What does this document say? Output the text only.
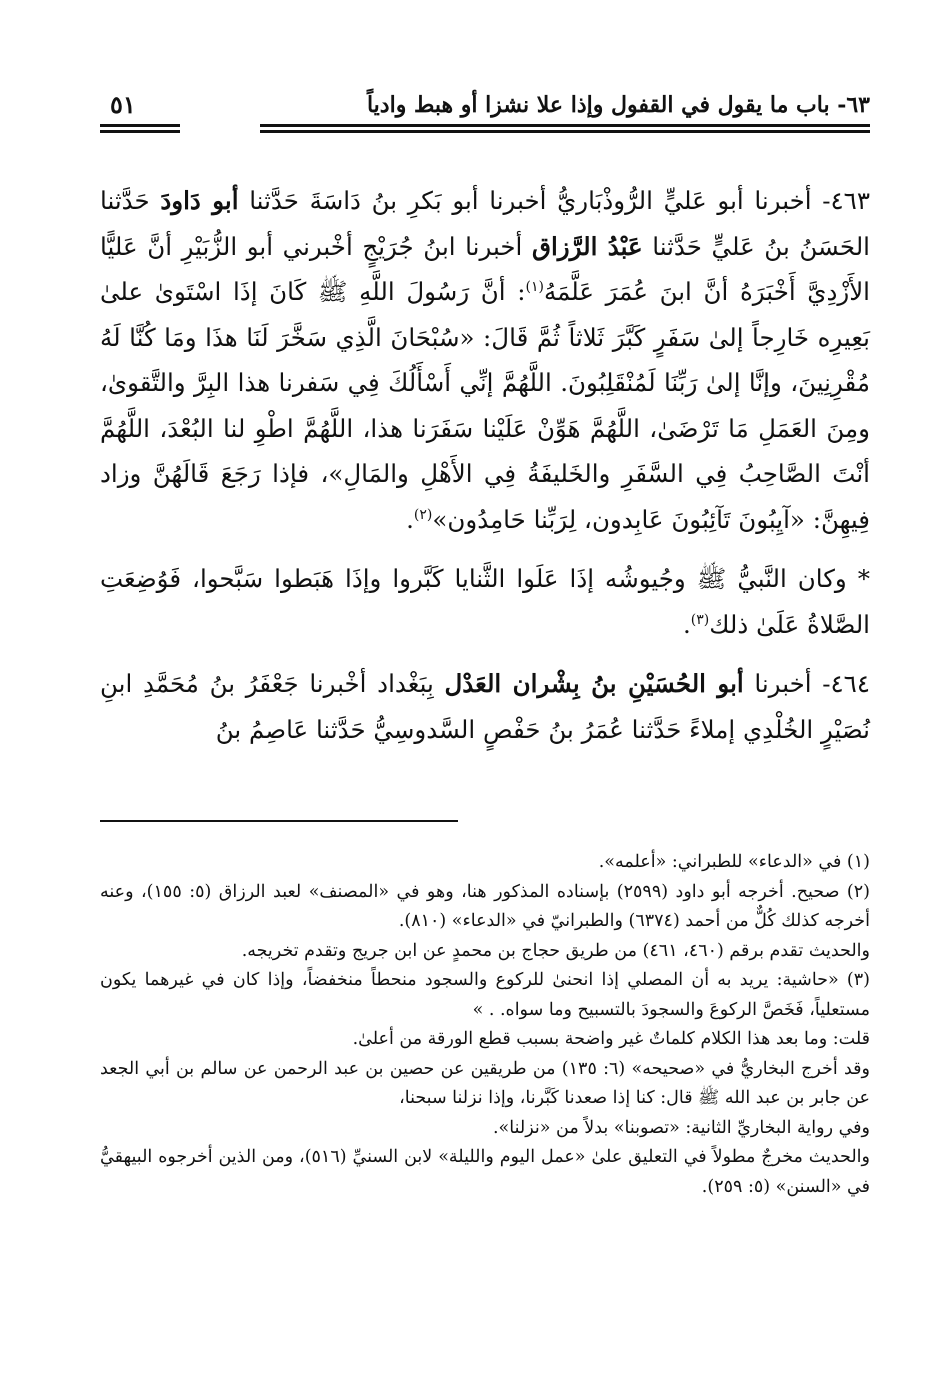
٦٣- باب ما يقول في القفول وإذا علا نشزا أو هبط وادياً
٥١

٤٦٣- أخبرنا أبو عَليٍّ الرُّوذْبَاريُّ أخبرنا أبو بَكرِ بنُ دَاسَةَ حَدَّثنا أبو دَاودَ حَدَّثنا الحَسَنُ بنُ عَليٍّ حَدَّثنا عَبْدُ الرَّزاق أخبرنا ابنُ جُرَيْجٍ أخْبرني أبو الزُّبَيْرِ أنَّ عَليًّا الأَزْدِيَّ أَخْبَرَهُ أنَّ ابنَ عُمَرَ عَلَّمَهُ$^{(١)}$: أنَّ رَسُولَ اللَّهِ ﷺ كَانَ إذَا اسْتَوىٰ علىٰ بَعِيرِه خَارِجاً إلىٰ سَفَرٍ كَبَّرَ ثَلاثاً ثُمَّ قَالَ: «سُبْحَانَ الَّذِي سَخَّرَ لَنَا هذَا ومَا كُنَّا لَهُ مُقْرِنِينَ، وإنَّا إلىٰ رَبِّنَا لَمُنْقَلِبُونَ. اللَّهُمَّ إنِّي أَسْأَلُكَ فِي سَفرنا هذا البِرَّ والتَّقوىٰ، ومِنَ العَمَلِ مَا تَرْضَىٰ، اللَّهُمَّ هَوِّنْ عَلَيْنا سَفَرَنا هذا، اللَّهُمَّ اطْوِ لنا البُعْدَ، اللَّهُمَّ أنْتَ الصَّاحِبُ فِي السَّفَرِ والخَليفَةُ فِي الأَهْلِ والمَالِ»، فإذا رَجَعَ قَالَهُنَّ وزاد فِيهِنَّ: «آيِبُونَ تَآئِبُونَ عَابِدون، لِرَبِّنا حَامِدُون»$^{(٢)}$.

* وكان النَّبيُّ ﷺ وجُيوشُه إذَا عَلَوا الثَّنايا كَبَّروا وإذَا هَبَطوا سَبَّحوا، فَوُضِعَتِ الصَّلاةُ عَلَىٰ ذلك$^{(٣)}$.

٤٦٤- أخبرنا أبو الحُسَيْنِ بنُ بِشْران العَدْل بِبَغْداد أخْبرنا جَعْفَرُ بنُ مُحَمَّدِ ابنِ نُصَيْرٍ الخُلْدِي إملاءً حَدَّثنا عُمَرُ بنُ حَفْصٍ السَّدوسِيُّ حَدَّثنا عَاصِمُ بنُ

(١) في «الدعاء» للطبراني: «أعلمه».

(٢) صحيح. أخرجه أبو داود (٢٥٩٩) بإسناده المذكور هنا، وهو في «المصنف» لعبد الرزاق (٥: ١٥٥)، وعنه أخرجه كذلك كُلٌّ من أحمد (٦٣٧٤) والطبرانيّ في «الدعاء» (٨١٠).

والحديث تقدم برقم (٤٦٠، ٤٦١) من طريق حجاج بن محمدٍ عن ابن جريج وتقدم تخريجه.

(٣) «حاشية: يريد به أن المصلي إذا انحنىٰ للركوع والسجود منحطاً منخفضاً، وإذا كان في غيرهما يكون مستعلياً، فَخَصَّ الركوعَ والسجودَ بالتسبيح وما سواه. . »

قلت: وما بعد هذا الكلام كلماتٌ غير واضحة بسبب قطع الورقة من أعلىٰ.

وقد أخرج البخاريُّ في «صحيحه» (٦: ١٣٥) من طريقين عن حصين بن عبد الرحمن عن سالم بن أبي الجعد عن جابر بن عبد الله ﷺ قال: كنا إذا صعدنا كَبَّرنا، وإذا نزلنا سبحنا،

وفي رواية البخاريِّ الثانية: «تصوبنا» بدلاً من «نزلنا».

والحديث مخرجٌ مطولاً في التعليق علىٰ «عمل اليوم والليلة» لابن السنيِّ (٥١٦)، ومن الذين أخرجوه البيهقيُّ في «السنن» (٥: ٢٥٩).
